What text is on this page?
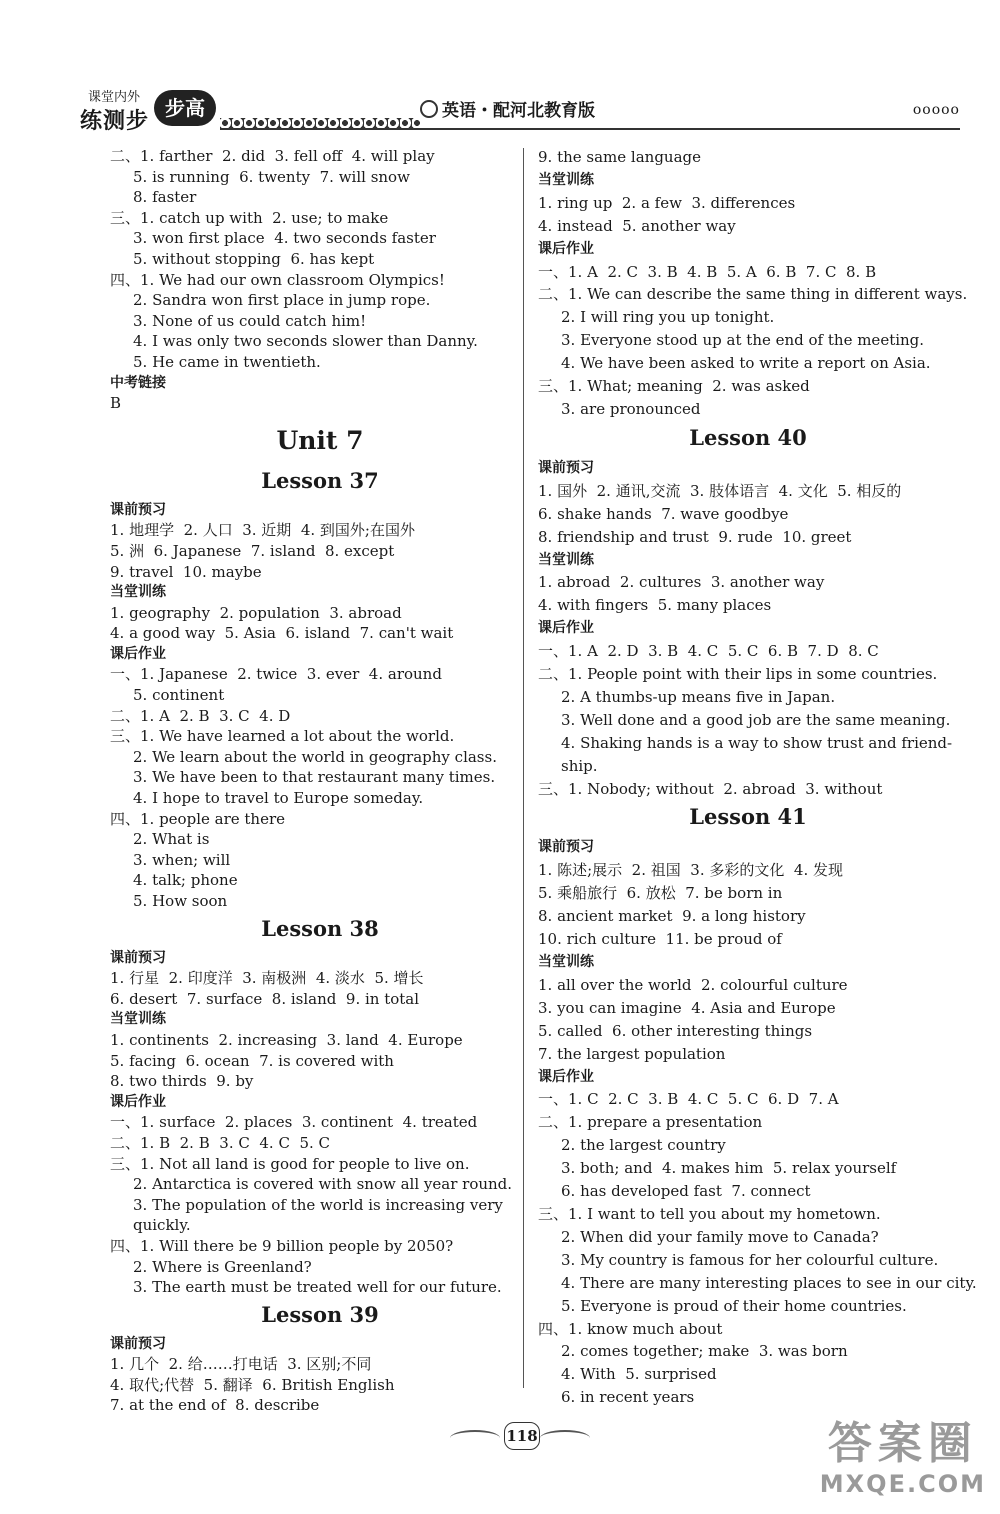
课堂内外
练测步
步高	英语・配河北教育版	ooooo
二、1. farther  2. did  3. fell off  4. will play
5. is running  6. twenty  7. will snow
8. faster
三、1. catch up with  2. use; to make
3. won first place  4. two seconds faster
5. without stopping  6. has kept
四、1. We had our own classroom Olympics!
2. Sandra won first place in jump rope.
3. None of us could catch him!
4. I was only two seconds slower than Danny.
5. He came in twentieth.
中考链接
B
Unit 7
Lesson 37
课前预习
1. 地理学  2. 人口  3. 近期  4. 到国外;在国外
5. 洲  6. Japanese  7. island  8. except
9. travel  10. maybe
当堂训练
1. geography  2. population  3. abroad
4. a good way  5. Asia  6. island  7. can't wait
课后作业
一、1. Japanese  2. twice  3. ever  4. around
5. continent
二、1. A  2. B  3. C  4. D
三、1. We have learned a lot about the world.
2. We learn about the world in geography class.
3. We have been to that restaurant many times.
4. I hope to travel to Europe someday.
四、1. people are there
2. What is
3. when; will
4. talk; phone
5. How soon
Lesson 38
课前预习
1. 行星  2. 印度洋  3. 南极洲  4. 淡水  5. 增长
6. desert  7. surface  8. island  9. in total
当堂训练
1. continents  2. increasing  3. land  4. Europe
5. facing  6. ocean  7. is covered with
8. two thirds  9. by
课后作业
一、1. surface  2. places  3. continent  4. treated
二、1. B  2. B  3. C  4. C  5. C
三、1. Not all land is good for people to live on.
2. Antarctica is covered with snow all year round.
3. The population of the world is increasing very
quickly.
四、1. Will there be 9 billion people by 2050?
2. Where is Greenland?
3. The earth must be treated well for our future.
Lesson 39
课前预习
1. 几个  2. 给……打电话  3. 区别;不同
4. 取代;代替  5. 翻译  6. British English
7. at the end of  8. describe
9. the same language
当堂训练
1. ring up  2. a few  3. differences
4. instead  5. another way
课后作业
一、1. A  2. C  3. B  4. B  5. A  6. B  7. C  8. B
二、1. We can describe the same thing in different ways.
2. I will ring you up tonight.
3. Everyone stood up at the end of the meeting.
4. We have been asked to write a report on Asia.
三、1. What; meaning  2. was asked
3. are pronounced
Lesson 40
课前预习
1. 国外  2. 通讯,交流  3. 肢体语言  4. 文化  5. 相反的
6. shake hands  7. wave goodbye
8. friendship and trust  9. rude  10. greet
当堂训练
1. abroad  2. cultures  3. another way
4. with fingers  5. many places
课后作业
一、1. A  2. D  3. B  4. C  5. C  6. B  7. D  8. C
二、1. People point with their lips in some countries.
2. A thumbs-up means five in Japan.
3. Well done and a good job are the same meaning.
4. Shaking hands is a way to show trust and friend-
ship.
三、1. Nobody; without  2. abroad  3. without
Lesson 41
课前预习
1. 陈述;展示  2. 祖国  3. 多彩的文化  4. 发现
5. 乘船旅行  6. 放松  7. be born in
8. ancient market  9. a long history
10. rich culture  11. be proud of
当堂训练
1. all over the world  2. colourful culture
3. you can imagine  4. Asia and Europe
5. called  6. other interesting things
7. the largest population
课后作业
一、1. C  2. C  3. B  4. C  5. C  6. D  7. A
二、1. prepare a presentation
2. the largest country
3. both; and  4. makes him  5. relax yourself
6. has developed fast  7. connect
三、1. I want to tell you about my hometown.
2. When did your family move to Canada?
3. My country is famous for her colourful culture.
4. There are many interesting places to see in our city.
5. Everyone is proud of their home countries.
四、1. know much about
2. comes together; make  3. was born
4. With  5. surprised
6. in recent years
118	答案圈
MXQE.COM
